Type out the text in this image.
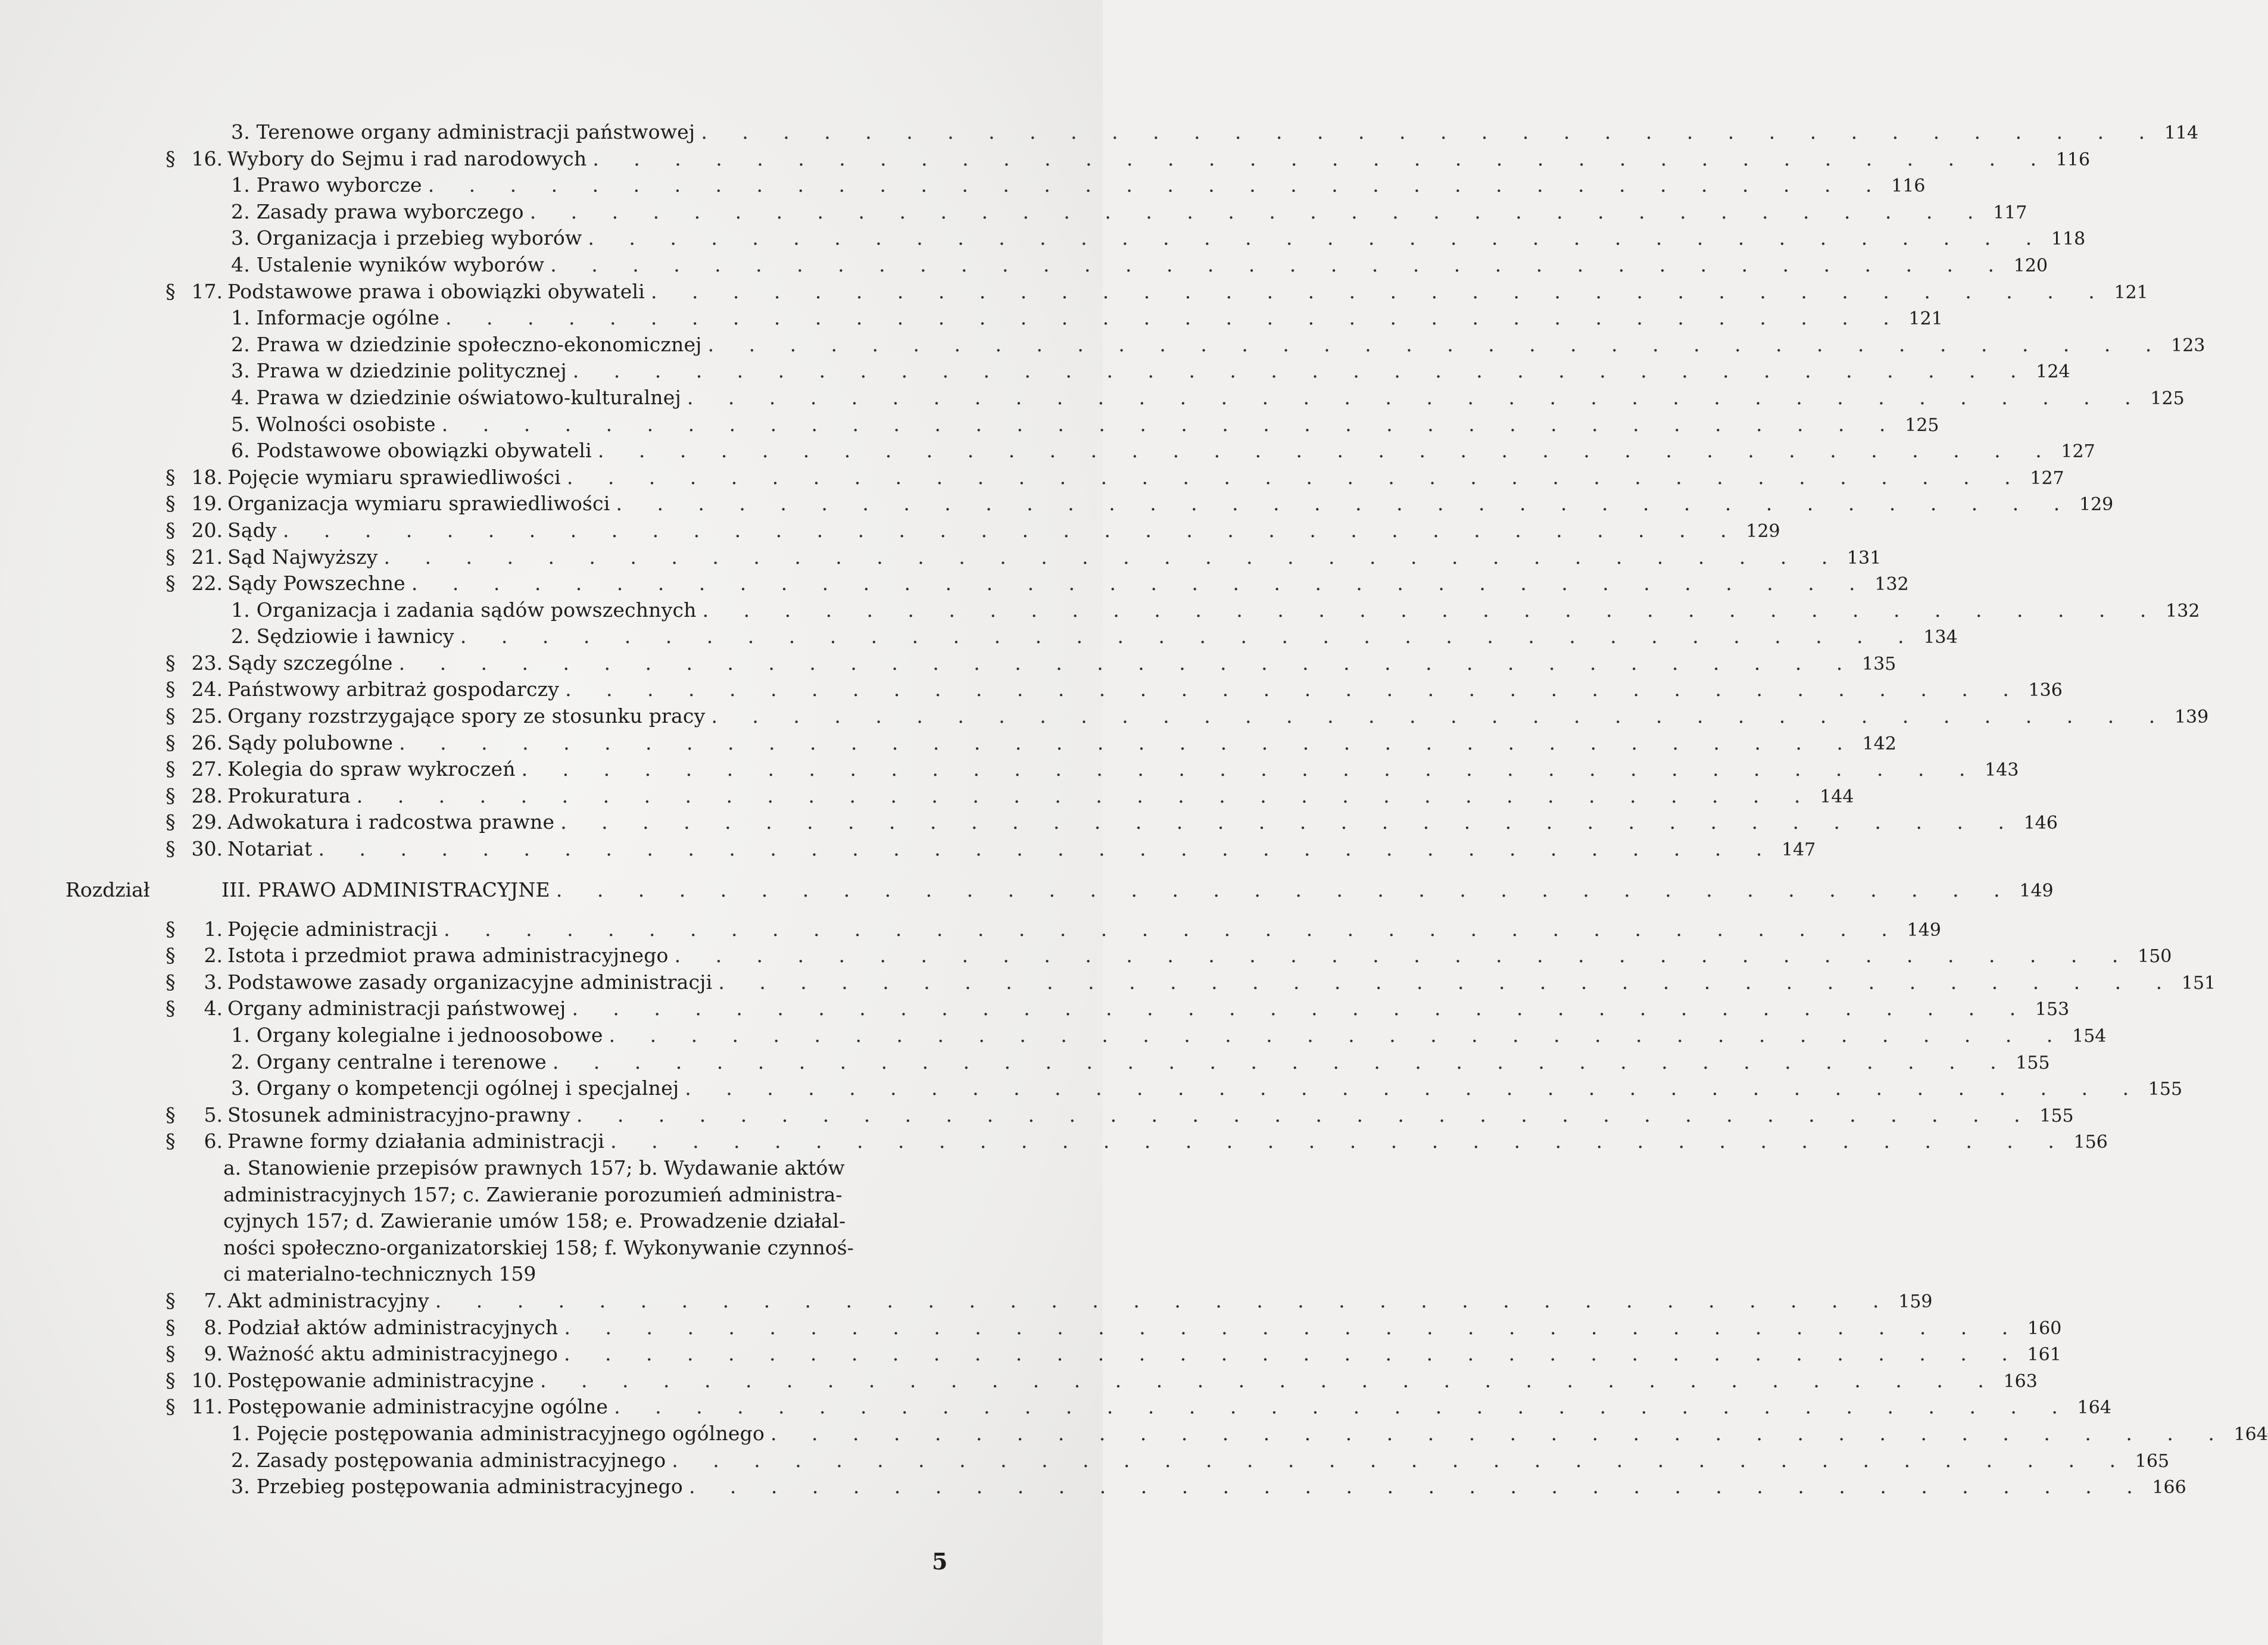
3. Terenowe organy administracji państwowej . . . . . . . . . . . . . . . . . . . . . . . . . . . . . . . . . . . . 114
§ 16. Wybory do Sejmu i rad narodowych . . . . . . . . . . . . . . . . . . . . . . . . . . . . . . . . . . . . 116
1. Prawo wyborcze . . . . . . . . . . . . . . . . . . . . . . . . . . . . . . . . . . . . 116
2. Zasady prawa wyborczego . . . . . . . . . . . . . . . . . . . . . . . . . . . . . . . . . . . . 117
3. Organizacja i przebieg wyborów . . . . . . . . . . . . . . . . . . . . . . . . . . . . . . . . . . . . 118
4. Ustalenie wyników wyborów . . . . . . . . . . . . . . . . . . . . . . . . . . . . . . . . . . . . 120
§ 17. Podstawowe prawa i obowiązki obywateli . . . . . . . . . . . . . . . . . . . . . . . . . . . . . . . . . . . . 121
1. Informacje ogólne . . . . . . . . . . . . . . . . . . . . . . . . . . . . . . . . . . . . 121
2. Prawa w dziedzinie społeczno-ekonomicznej . . . . . . . . . . . . . . . . . . . . . . . . . . . . . . . . . . . . 123
3. Prawa w dziedzinie politycznej . . . . . . . . . . . . . . . . . . . . . . . . . . . . . . . . . . . . 124
4. Prawa w dziedzinie oświatowo-kulturalnej . . . . . . . . . . . . . . . . . . . . . . . . . . . . . . . . . . . . 125
5. Wolności osobiste . . . . . . . . . . . . . . . . . . . . . . . . . . . . . . . . . . . . 125
6. Podstawowe obowiązki obywateli . . . . . . . . . . . . . . . . . . . . . . . . . . . . . . . . . . . . 127
§ 18. Pojęcie wymiaru sprawiedliwości . . . . . . . . . . . . . . . . . . . . . . . . . . . . . . . . . . . . 127
§ 19. Organizacja wymiaru sprawiedliwości . . . . . . . . . . . . . . . . . . . . . . . . . . . . . . . . . . . . 129
§ 20. Sądy . . . . . . . . . . . . . . . . . . . . . . . . . . . . . . . . . . . . 129
§ 21. Sąd Najwyższy . . . . . . . . . . . . . . . . . . . . . . . . . . . . . . . . . . . . 131
§ 22. Sądy Powszechne . . . . . . . . . . . . . . . . . . . . . . . . . . . . . . . . . . . . 132
1. Organizacja i zadania sądów powszechnych . . . . . . . . . . . . . . . . . . . . . . . . . . . . . . . . . . . . 132
2. Sędziowie i ławnicy . . . . . . . . . . . . . . . . . . . . . . . . . . . . . . . . . . . . 134
§ 23. Sądy szczególne . . . . . . . . . . . . . . . . . . . . . . . . . . . . . . . . . . . . 135
§ 24. Państwowy arbitraż gospodarczy . . . . . . . . . . . . . . . . . . . . . . . . . . . . . . . . . . . . 136
§ 25. Organy rozstrzygające spory ze stosunku pracy . . . . . . . . . . . . . . . . . . . . . . . . . . . . . . . . . . . . 139
§ 26. Sądy polubowne . . . . . . . . . . . . . . . . . . . . . . . . . . . . . . . . . . . . 142
§ 27. Kolegia do spraw wykroczeń . . . . . . . . . . . . . . . . . . . . . . . . . . . . . . . . . . . . 143
§ 28. Prokuratura . . . . . . . . . . . . . . . . . . . . . . . . . . . . . . . . . . . . 144
§ 29. Adwokatura i radcostwa prawne . . . . . . . . . . . . . . . . . . . . . . . . . . . . . . . . . . . . 146
§ 30. Notariat . . . . . . . . . . . . . . . . . . . . . . . . . . . . . . . . . . . . 147
Rozdział	III. PRAWO ADMINISTRACYJNE . . . . . . . . . . . . . . . . . . . . . . . . . . . . . . . . . . . . 149
§ 1. Pojęcie administracji . . . . . . . . . . . . . . . . . . . . . . . . . . . . . . . . . . . . 149
§ 2. Istota i przedmiot prawa administracyjnego . . . . . . . . . . . . . . . . . . . . . . . . . . . . . . . . . . . . 150
§ 3. Podstawowe zasady organizacyjne administracji . . . . . . . . . . . . . . . . . . . . . . . . . . . . . . . . . . . . 151
§ 4. Organy administracji państwowej . . . . . . . . . . . . . . . . . . . . . . . . . . . . . . . . . . . . 153
1. Organy kolegialne i jednoosobowe . . . . . . . . . . . . . . . . . . . . . . . . . . . . . . . . . . . . 154
2. Organy centralne i terenowe . . . . . . . . . . . . . . . . . . . . . . . . . . . . . . . . . . . . 155
3. Organy o kompetencji ogólnej i specjalnej . . . . . . . . . . . . . . . . . . . . . . . . . . . . . . . . . . . . 155
§ 5. Stosunek administracyjno-prawny . . . . . . . . . . . . . . . . . . . . . . . . . . . . . . . . . . . . 155
§ 6. Prawne formy działania administracji . . . . . . . . . . . . . . . . . . . . . . . . . . . . . . . . . . . . 156
a. Stanowienie przepisów prawnych 157; b. Wydawanie aktów
administracyjnych 157; c. Zawieranie porozumień administra-
cyjnych 157; d. Zawieranie umów 158; e. Prowadzenie działal-
ności społeczno-organizatorskiej 158; f. Wykonywanie czynnoś-
ci materialno-technicznych 159
§ 7. Akt administracyjny . . . . . . . . . . . . . . . . . . . . . . . . . . . . . . . . . . . . 159
§ 8. Podział aktów administracyjnych . . . . . . . . . . . . . . . . . . . . . . . . . . . . . . . . . . . . 160
§ 9. Ważność aktu administracyjnego . . . . . . . . . . . . . . . . . . . . . . . . . . . . . . . . . . . . 161
§ 10. Postępowanie administracyjne . . . . . . . . . . . . . . . . . . . . . . . . . . . . . . . . . . . . 163
§ 11. Postępowanie administracyjne ogólne . . . . . . . . . . . . . . . . . . . . . . . . . . . . . . . . . . . . 164
1. Pojęcie postępowania administracyjnego ogólnego . . . . . . . . . . . . . . . . . . . . . . . . . . . . . . . . . . . . 164
2. Zasady postępowania administracyjnego . . . . . . . . . . . . . . . . . . . . . . . . . . . . . . . . . . . . 165
3. Przebieg postępowania administracyjnego . . . . . . . . . . . . . . . . . . . . . . . . . . . . . . . . . . . . 166
5
